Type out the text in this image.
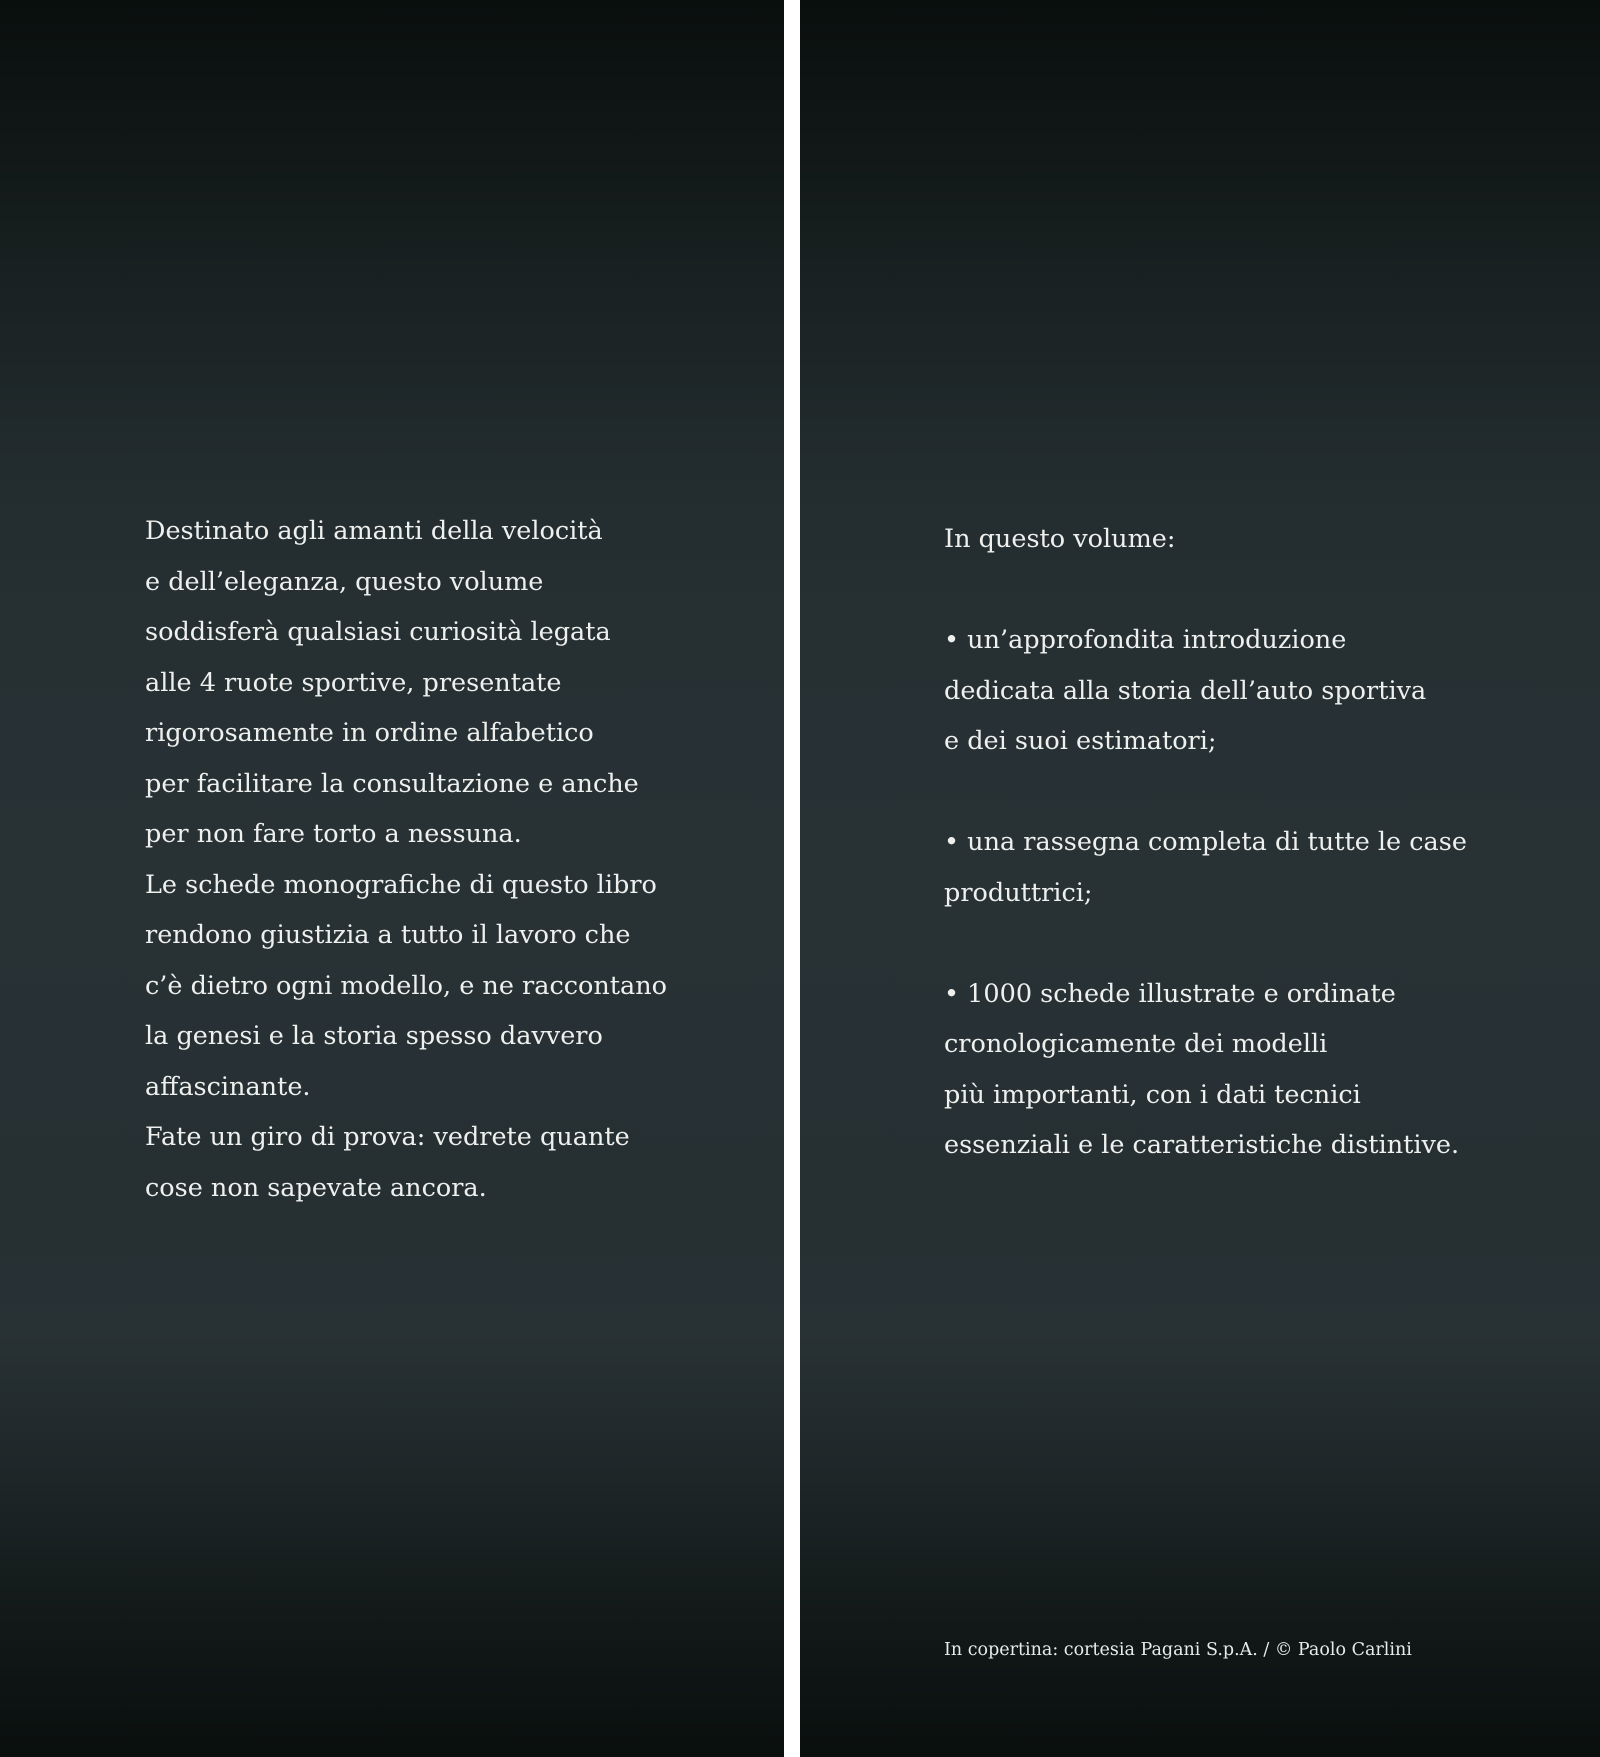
Destinato agli amanti della velocità
e dell’eleganza, questo volume
soddisferà qualsiasi curiosità legata
alle 4 ruote sportive, presentate
rigorosamente in ordine alfabetico
per facilitare la consultazione e anche
per non fare torto a nessuna.
Le schede monografiche di questo libro
rendono giustizia a tutto il lavoro che
c’è dietro ogni modello, e ne raccontano
la genesi e la storia spesso davvero
affascinante.
Fate un giro di prova: vedrete quante
cose non sapevate ancora.

In questo volume:
• un’approfondita introduzione
dedicata alla storia dell’auto sportiva
e dei suoi estimatori;
• una rassegna completa di tutte le case
produttrici;
• 1000 schede illustrate e ordinate
cronologicamente dei modelli
più importanti, con i dati tecnici
essenziali e le caratteristiche distintive.
In copertina: cortesia Pagani S.p.A. / © Paolo Carlini
